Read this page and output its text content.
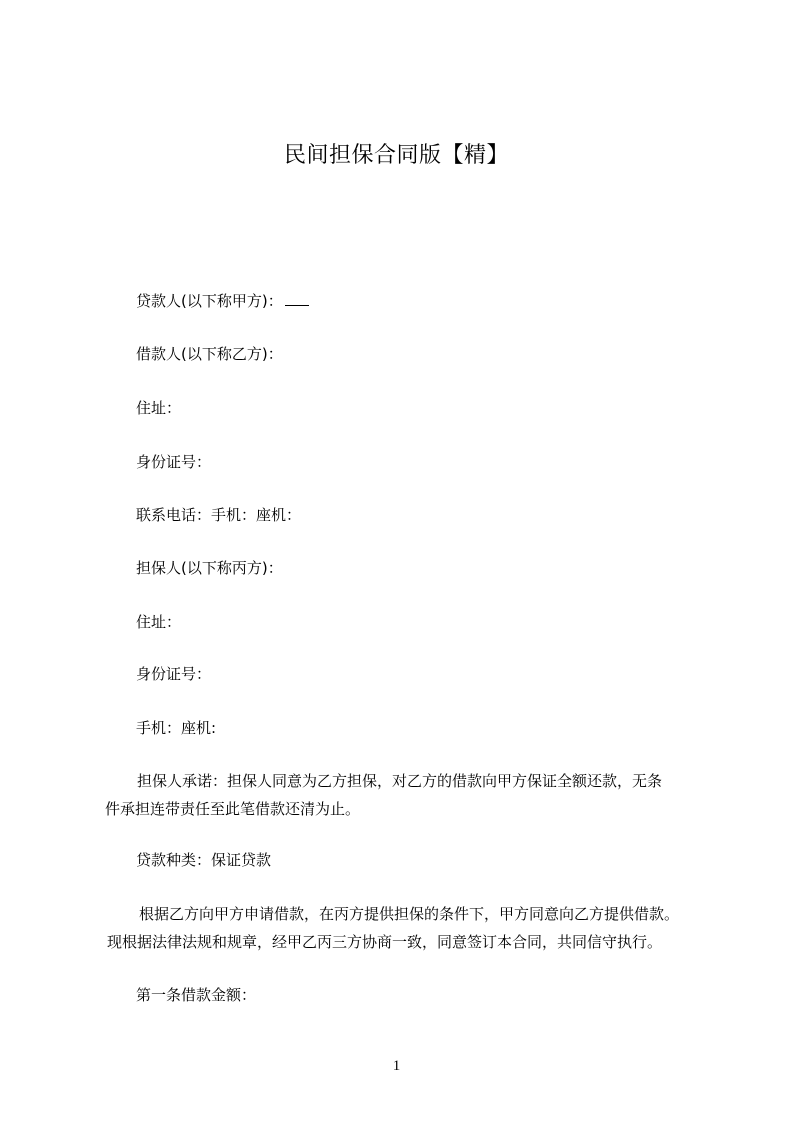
民间担保合同版【精】
贷款人(以下称甲方)：
借款人(以下称乙方)：
住址：
身份证号：
联系电话：手机：座机：
担保人(以下称丙方)：
住址：
身份证号：
手机：座机:
担保人承诺：担保人同意为乙方担保，对乙方的借款向甲方保证全额还款，无条
件承担连带责任至此笔借款还清为止。
贷款种类：保证贷款
根据乙方向甲方申请借款，在丙方提供担保的条件下，甲方同意向乙方提供借款。
现根据法律法规和规章，经甲乙丙三方协商一致，同意签订本合同，共同信守执行。
第一条借款金额：
1
